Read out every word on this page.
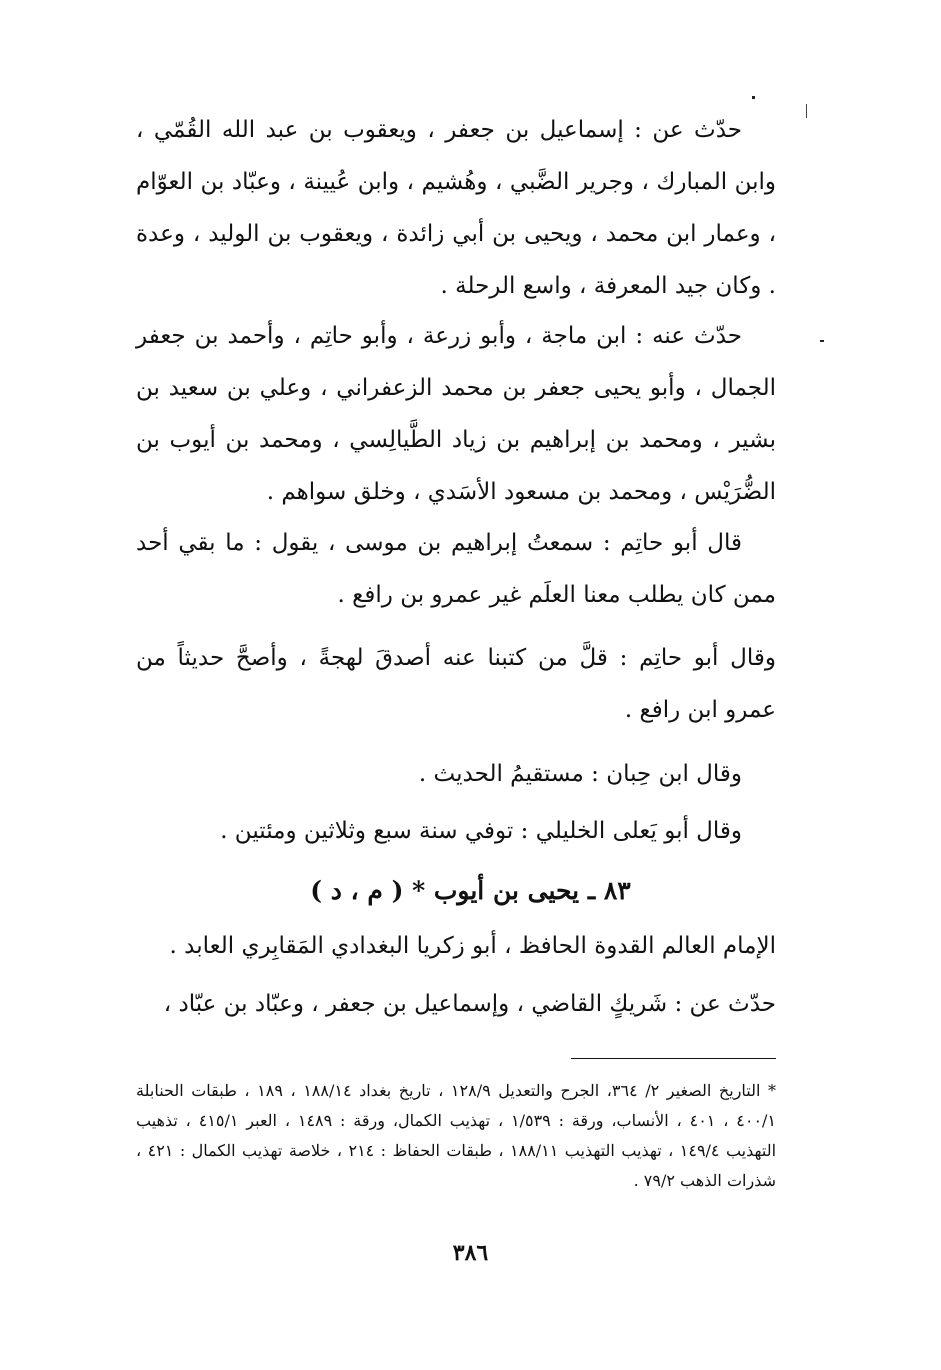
حدّث عن : إسماعيل بن جعفر ، ويعقوب بن عبد الله القُمّي ، وابن المبارك ، وجرير الضَّبي ، وهُشيم ، وابن عُيينة ، وعبّاد بن العوّام ، وعمار ابن محمد ، ويحيى بن أبي زائدة ، ويعقوب بن الوليد ، وعدة . وكان جيد المعرفة ، واسع الرحلة .

حدّث عنه : ابن ماجة ، وأبو زرعة ، وأبو حاتِم ، وأحمد بن جعفر الجمال ، وأبو يحيى جعفر بن محمد الزعفراني ، وعلي بن سعيد بن بشير ، ومحمد بن إبراهيم بن زياد الطَّيالِسي ، ومحمد بن أيوب بن الضُّرَيْس ، ومحمد بن مسعود الأسَدي ، وخلق سواهم .

قال أبو حاتِم : سمعتُ إبراهيم بن موسى ، يقول : ما بقي أحد ممن كان يطلب معنا العلَم غير عمرو بن رافع .

وقال أبو حاتِم : قلَّ من كتبنا عنه أصدقَ لهجةً ، وأصحَّ حديثاً من عمرو ابن رافع .

وقال ابن حِبان : مستقيمُ الحديث .

وقال أبو يَعلى الخليلي : توفي سنة سبع وثلاثين ومئتين .

٨٣ ـ يحيى بن أيوب * ( م ، د )

الإمام العالم القدوة الحافظ ، أبو زكريا البغدادي المَقابِري العابد .

حدّث عن : شَريكٍ القاضي ، وإسماعيل بن جعفر ، وعبّاد بن عبّاد ،

* التاريخ الصغير ٢/ ٣٦٤، الجرح والتعديل ١٢٨/٩ ، تاريخ بغداد ١٨٨/١٤ ، ١٨٩ ، طبقات الحنابلة ٤٠٠/١ ، ٤٠١ ، الأنساب، ورقة : ١/٥٣٩ ، تهذيب الكمال، ورقة : ١٤٨٩ ، العبر ٤١٥/١ ، تذهيب التهذيب ١٤٩/٤ ، تهذيب التهذيب ١٨٨/١١ ، طبقات الحفاظ : ٢١٤ ، خلاصة تهذيب الكمال : ٤٢١ ، شذرات الذهب ٧٩/٢ .

٣٨٦
